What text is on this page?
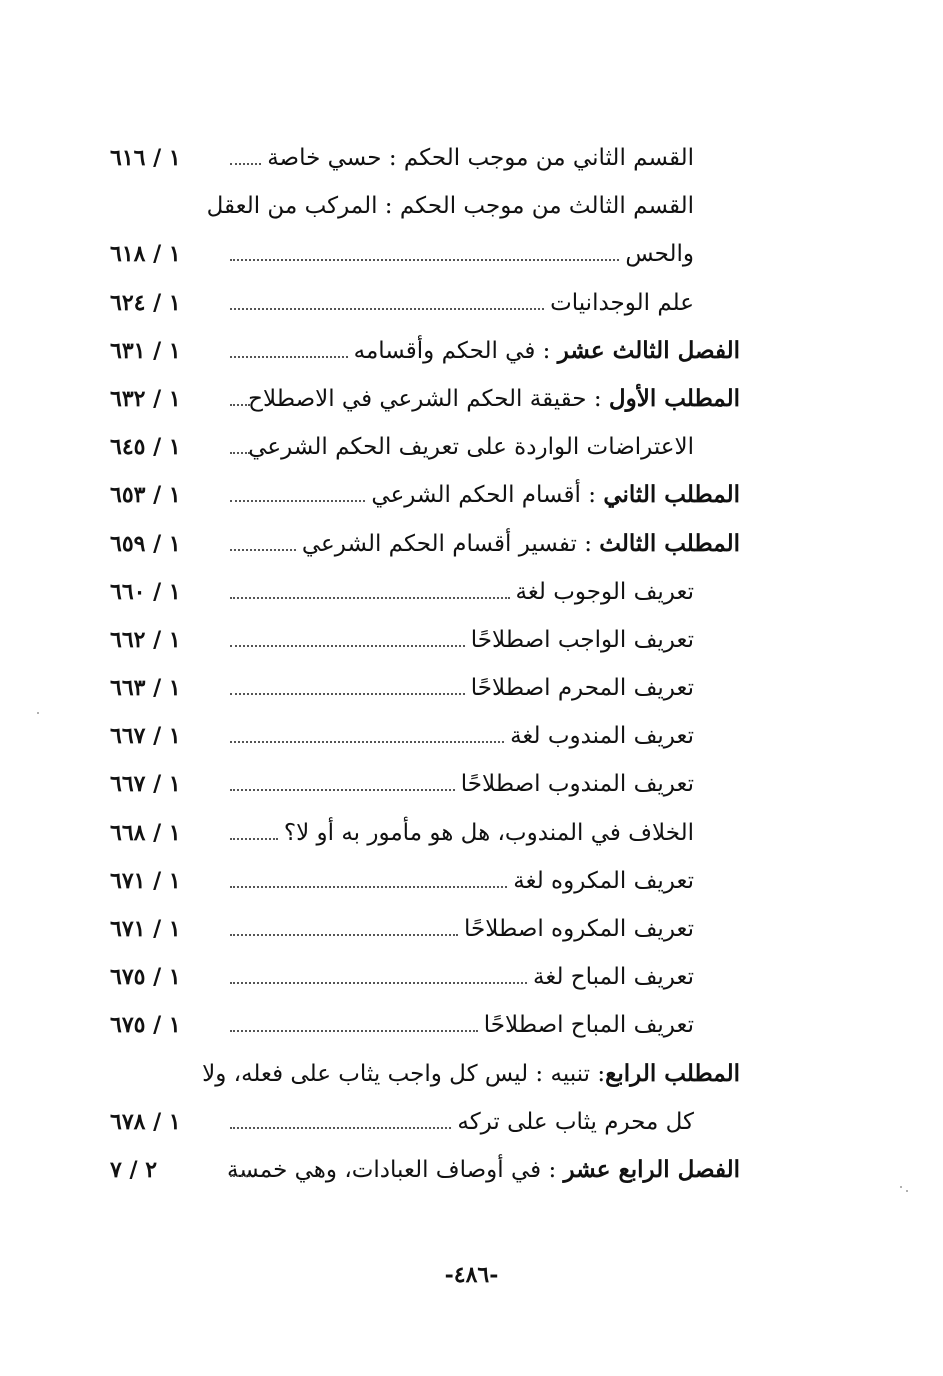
القسم الثاني من موجب الحكم : حسي خاصة
١ / ٦١٦
القسم الثالث من موجب الحكم : المركب من العقل
والحس
١ / ٦١٨
علم الوجدانيات
١ / ٦٢٤
الفصل الثالث عشر : في الحكم وأقسامه
١ / ٦٣١
المطلب الأول : حقيقة الحكم الشرعي في الاصطلاح
١ / ٦٣٢
الاعتراضات الواردة على تعريف الحكم الشرعي
١ / ٦٤٥
المطلب الثاني : أقسام الحكم الشرعي
١ / ٦٥٣
المطلب الثالث : تفسير أقسام الحكم الشرعي
١ / ٦٥٩
تعريف الوجوب لغة
١ / ٦٦٠
تعريف الواجب اصطلاحًا
١ / ٦٦٢
تعريف المحرم اصطلاحًا
١ / ٦٦٣
تعريف المندوب لغة
١ / ٦٦٧
تعريف المندوب اصطلاحًا
١ / ٦٦٧
الخلاف في المندوب، هل هو مأمور به أو لا؟
١ / ٦٦٨
تعريف المكروه لغة
١ / ٦٧١
تعريف المكروه اصطلاحًا
١ / ٦٧١
تعريف المباح لغة
١ / ٦٧٥
تعريف المباح اصطلاحًا
١ / ٦٧٥
المطلب الرابع: تنبيه : ليس كل واجب يثاب على فعله، ولا
كل محرم يثاب على تركه
١ / ٦٧٨
الفصل الرابع عشر : في أوصاف العبادات، وهي خمسة
٢ / ٧
-٤٨٦-
